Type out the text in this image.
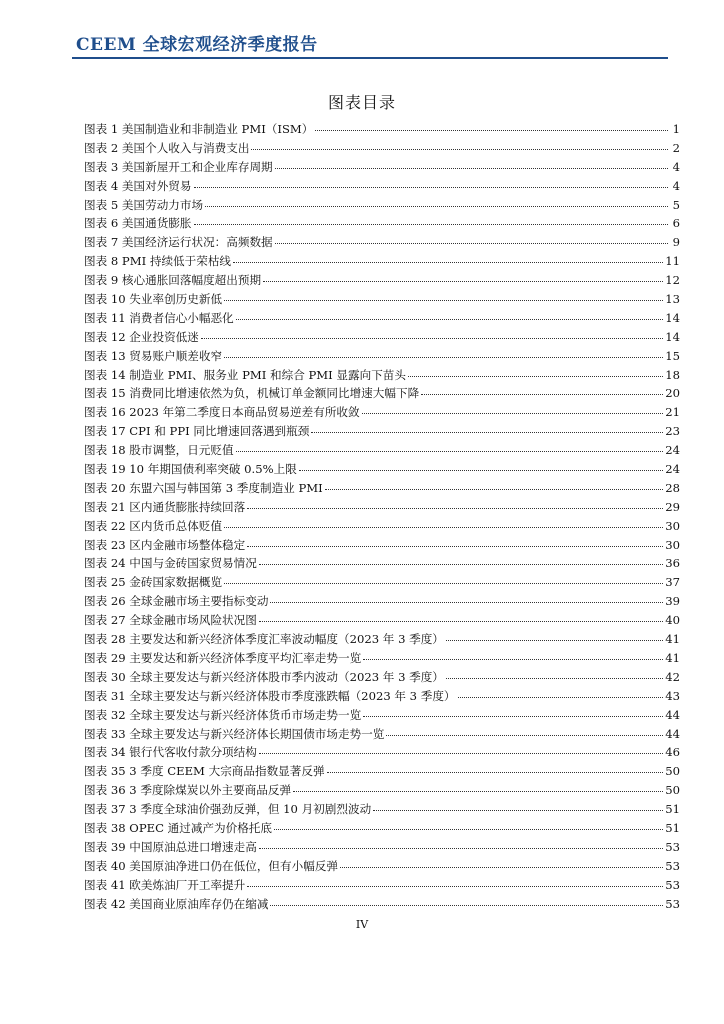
CEEM 全球宏观经济季度报告
图表目录
图表 1 美国制造业和非制造业 PMI（ISM）	1
图表 2 美国个人收入与消费支出	2
图表 3 美国新屋开工和企业库存周期	4
图表 4 美国对外贸易	4
图表 5 美国劳动力市场	5
图表 6 美国通货膨胀	6
图表 7 美国经济运行状况：高频数据	9
图表 8 PMI 持续低于荣枯线	11
图表 9 核心通胀回落幅度超出预期	12
图表 10 失业率创历史新低	13
图表 11 消费者信心小幅恶化	14
图表 12 企业投资低迷	14
图表 13 贸易账户顺差收窄	15
图表 14 制造业 PMI、服务业 PMI 和综合 PMI 显露向下苗头	18
图表 15 消费同比增速依然为负，机械订单金额同比增速大幅下降	20
图表 16 2023 年第二季度日本商品贸易逆差有所收敛	21
图表 17 CPI 和 PPI 同比增速回落遇到瓶颈	23
图表 18 股市调整，日元贬值	24
图表 19 10 年期国债利率突破 0.5%上限	24
图表 20 东盟六国与韩国第 3 季度制造业 PMI	28
图表 21 区内通货膨胀持续回落	29
图表 22 区内货币总体贬值	30
图表 23 区内金融市场整体稳定	30
图表 24 中国与金砖国家贸易情况	36
图表 25 金砖国家数据概览	37
图表 26 全球金融市场主要指标变动	39
图表 27 全球金融市场风险状况图	40
图表 28 主要发达和新兴经济体季度汇率波动幅度（2023 年 3 季度）	41
图表 29 主要发达和新兴经济体季度平均汇率走势一览	41
图表 30 全球主要发达与新兴经济体股市季内波动（2023 年 3 季度）	42
图表 31 全球主要发达与新兴经济体股市季度涨跌幅（2023 年 3 季度）	43
图表 32 全球主要发达与新兴经济体货币市场走势一览	44
图表 33 全球主要发达与新兴经济体长期国债市场走势一览	44
图表 34 银行代客收付款分项结构	46
图表 35 3 季度 CEEM 大宗商品指数显著反弹	50
图表 36 3 季度除煤炭以外主要商品反弹	50
图表 37 3 季度全球油价强劲反弹，但 10 月初剧烈波动	51
图表 38 OPEC 通过减产为价格托底	51
图表 39 中国原油总进口增速走高	53
图表 40 美国原油净进口仍在低位，但有小幅反弹	53
图表 41 欧美炼油厂开工率提升	53
图表 42 美国商业原油库存仍在缩减	53
IV
